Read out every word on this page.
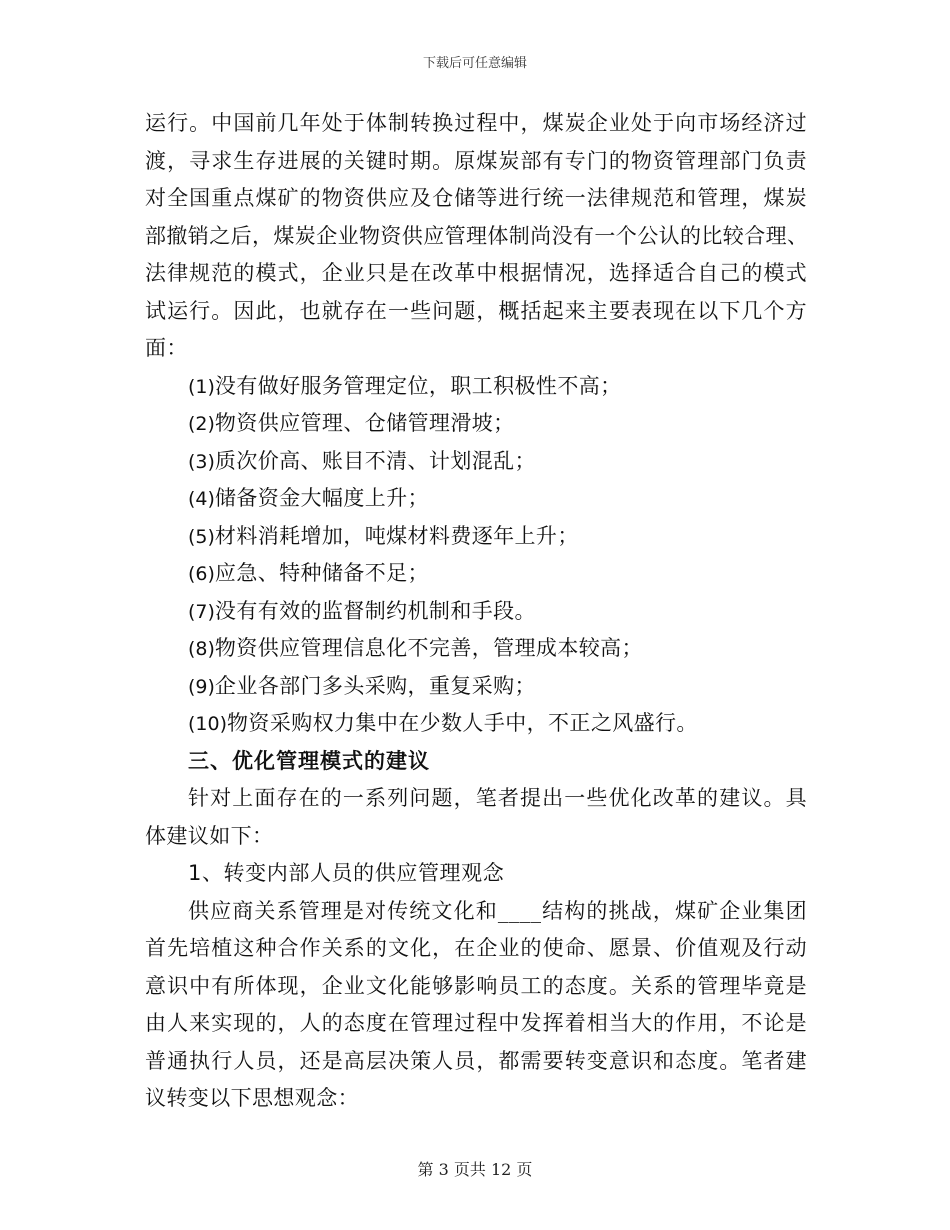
下载后可任意编辑
运行。中国前几年处于体制转换过程中，煤炭企业处于向市场经济过
渡，寻求生存进展的关键时期。原煤炭部有专门的物资管理部门负责
对全国重点煤矿的物资供应及仓储等进行统一法律规范和管理，煤炭
部撤销之后，煤炭企业物资供应管理体制尚没有一个公认的比较合理、
法律规范的模式，企业只是在改革中根据情况，选择适合自己的模式
试运行。因此，也就存在一些问题，概括起来主要表现在以下几个方
面：
(1)没有做好服务管理定位，职工积极性不高；
(2)物资供应管理、仓储管理滑坡；
(3)质次价高、账目不清、计划混乱；
(4)储备资金大幅度上升；
(5)材料消耗增加，吨煤材料费逐年上升；
(6)应急、特种储备不足；
(7)没有有效的监督制约机制和手段。
(8)物资供应管理信息化不完善，管理成本较高；
(9)企业各部门多头采购，重复采购；
(10)物资采购权力集中在少数人手中，不正之风盛行。
三、优化管理模式的建议
针对上面存在的一系列问题，笔者提出一些优化改革的建议。具
体建议如下：
1、转变内部人员的供应管理观念
供应商关系管理是对传统文化和____结构的挑战，煤矿企业集团
首先培植这种合作关系的文化，在企业的使命、愿景、价值观及行动
意识中有所体现，企业文化能够影响员工的态度。关系的管理毕竟是
由人来实现的，人的态度在管理过程中发挥着相当大的作用，不论是
普通执行人员，还是高层决策人员，都需要转变意识和态度。笔者建
议转变以下思想观念：
第 3 页共 12 页
